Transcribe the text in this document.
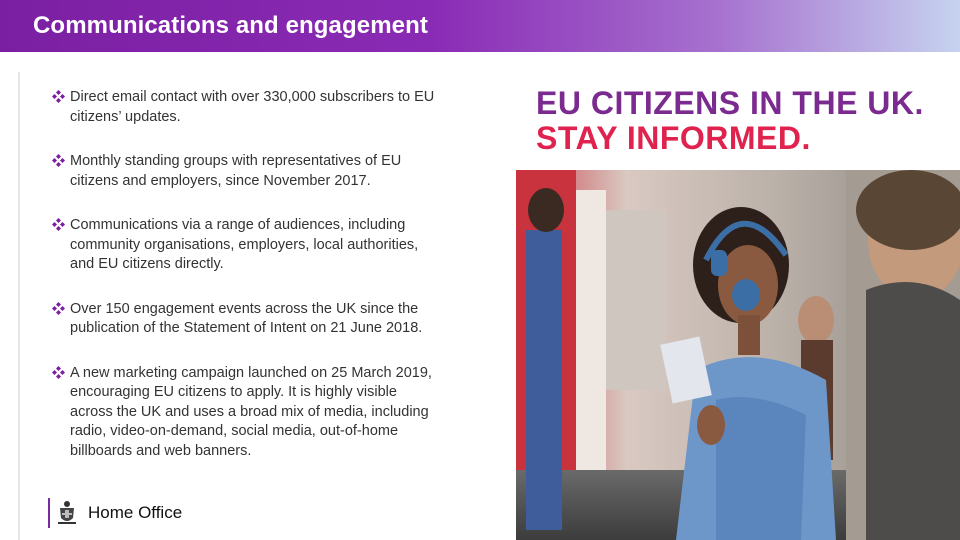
Communications and engagement
Direct email contact with over 330,000 subscribers to EU citizens’ updates.
Monthly standing groups with representatives of EU citizens and employers, since November 2017.
Communications via a range of audiences, including community organisations, employers, local authorities, and EU citizens directly.
Over 150 engagement events across the UK since the publication of the Statement of Intent on 21 June 2018.
A new marketing campaign launched on 25 March 2019, encouraging EU citizens to apply. It is highly visible across the UK and uses a broad mix of media, including radio, video-on-demand, social media, out-of-home billboards and web banners.
Home Office
EU CITIZENS IN THE UK.
STAY INFORMED.
